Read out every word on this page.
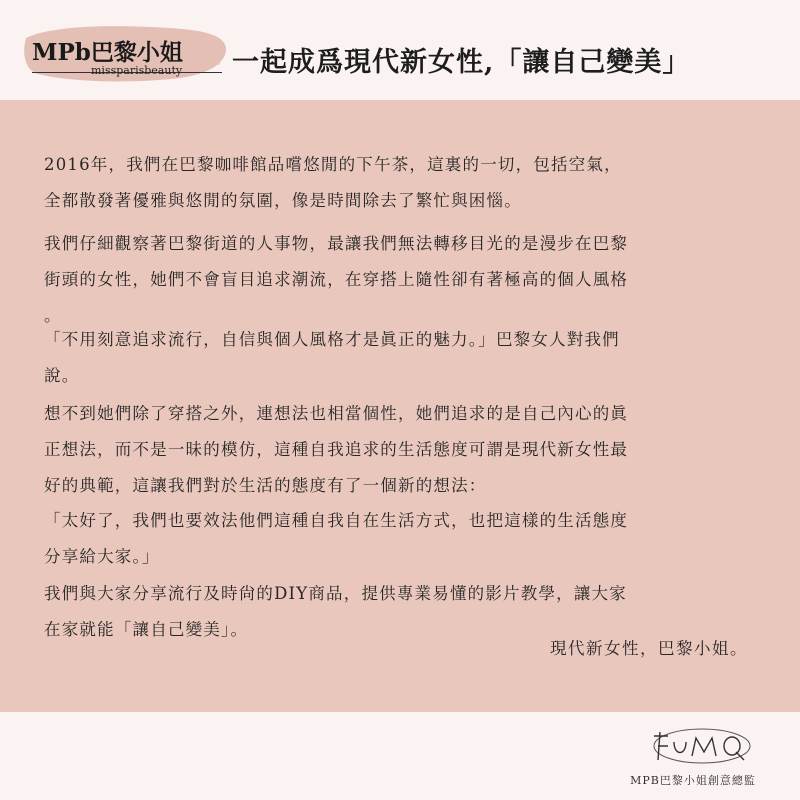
MPb巴黎小姐
missparisbeauty 一起成爲現代新女性,「讓自己變美」

2016年，我們在巴黎咖啡館品嚐悠閒的下午茶，這裏的一切，包括空氣，
全都散發著優雅與悠閒的氛圍，像是時間除去了繁忙與困惱。

我們仔細觀察著巴黎街道的人事物，最讓我們無法轉移目光的是漫步在巴黎
街頭的女性，她們不會盲目追求潮流，在穿搭上隨性卻有著極高的個人風格
。

「不用刻意追求流行，自信與個人風格才是眞正的魅力。」巴黎女人對我們
說。

想不到她們除了穿搭之外，連想法也相當個性，她們追求的是自己內心的眞
正想法，而不是一昧的模仿，這種自我追求的生活態度可謂是現代新女性最
好的典範，這讓我們對於生活的態度有了一個新的想法：

「太好了，我們也要效法他們這種自我自在生活方式，也把這樣的生活態度
分享給大家。」

我們與大家分享流行及時尙的DIY商品，提供專業易懂的影片教學，讓大家
在家就能「讓自己變美」。

現代新女性，巴黎小姐。
MPB巴黎小姐創意總監
